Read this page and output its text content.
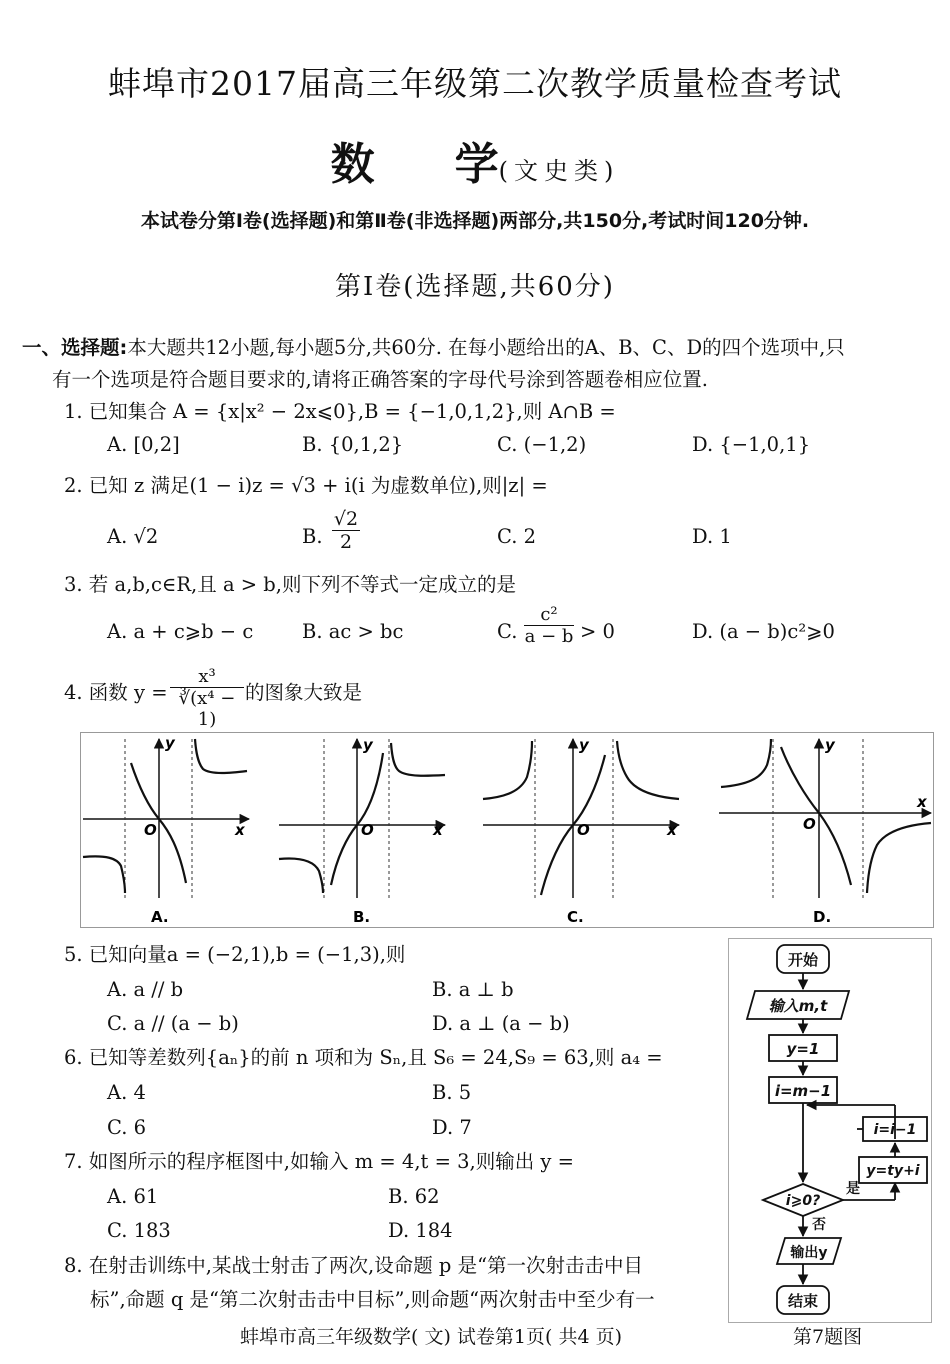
蚌埠市2017届高三年级第二次教学质量检查考试
数 学(文史类)
本试卷分第Ⅰ卷(选择题)和第Ⅱ卷(非选择题)两部分,共150分,考试时间120分钟.
第Ⅰ卷(选择题,共60分)
一、选择题:本大题共12小题,每小题5分,共60分. 在每小题给出的A、B、C、D的四个选项中,只
有一个选项是符合题目要求的,请将正确答案的字母代号涂到答题卷相应位置.
1. 已知集合 A = {x|x² − 2x⩽0},B = {−1,0,1,2},则 A∩B =
A. [0,2]	B. {0,1,2}	C. (−1,2)	D. {−1,0,1}
2. 已知 z 满足(1 − i)z = √3 + i(i 为虚数单位),则|z| =
A. √2	B. $\frac{√2}{2}$	C. 2	D. 1
3. 若 a,b,c∈R,且 a > b,则下列不等式一定成立的是
A. a + c⩾b − c	B. ac > bc	C. $\frac{\text{c²}}{a - b} > 0$	D. (a − b)c²⩾0
4. 函数 $y = \frac{\text{x³}}{\text{∛(x⁴ − 1)}}$ 的图象大致是
y
x
O
A.
y
x
O
B.
y
x
O
C.
y
x
O
D.
5. 已知向量a = (−2,1),b = (−1,3),则
A. a // b	B. a ⊥ b
C. a // (a − b)	D. a ⊥ (a − b)
6. 已知等差数列{aₙ}的前 n 项和为 Sₙ,且 S₆ = 24,S₉ = 63,则 a₄ =
A. 4	B. 5
C. 6	D. 7
7. 如图所示的程序框图中,如输入 m = 4,t = 3,则输出 y =
A. 61	B. 62
C. 183	D. 184
8. 在射击训练中,某战士射击了两次,设命题 p 是“第一次射击击中目
标”,命题 q 是“第二次射击击中目标”,则命题“两次射击中至少有一
开始
输入m,t
y=1
i=m−1
i⩾0?
是
否
y=ty+i
i=i−1
输出y
结束
蚌埠市高三年级数学( 文) 试卷第1页( 共4 页)	第7题图
